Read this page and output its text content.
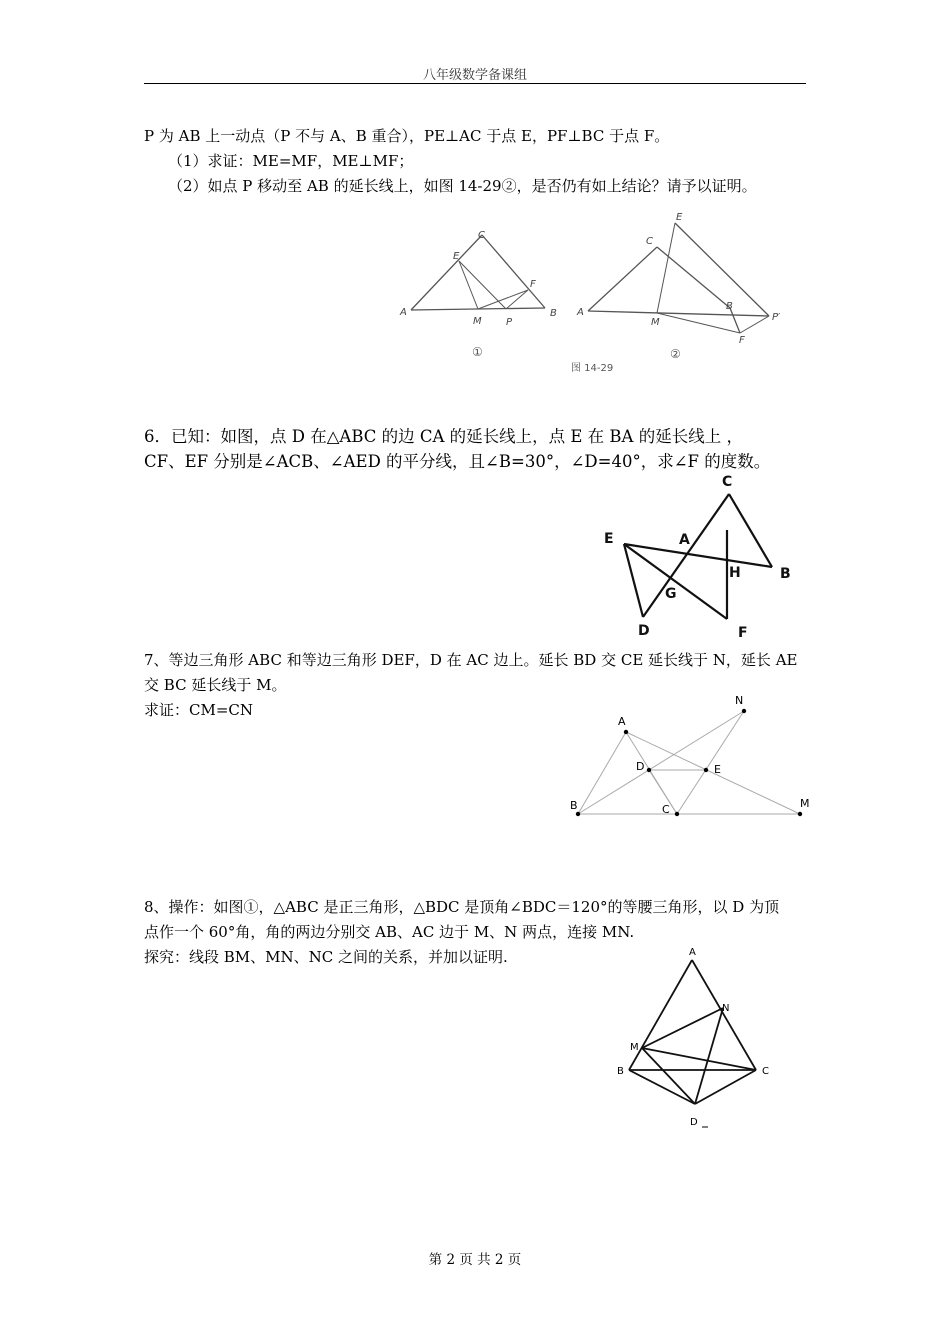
八年级数学备课组
P 为 AB 上一动点（P 不与 A、B 重合），PE⊥AC 于点 E，PF⊥BC 于点 F。
（1）求证：ME=MF，ME⊥MF；
（2）如点 P 移动至 AB 的延长线上，如图 14-29②，是否仍有如上结论？请予以证明。
A	B
C
E
F
M P
A
B
C
E
F
M	P′
①	②
图 14-29
6．已知：如图，点 D 在△ABC 的边 CA 的延长线上，点 E 在 BA 的延长线上 ，
CF、EF 分别是∠ACB、∠AED 的平分线，且∠B=30°，∠D=40°，求∠F 的度数。
A
B
C
D
E
F
G
H
7、等边三角形 ABC 和等边三角形 DEF，D 在 AC 边上。延长 BD 交 CE 延长线于 N，延长 AE
交 BC 延长线于 M。
求证：CM=CN
A
B	C
D	E
M
N
8、操作：如图①，△ABC 是正三角形，△BDC 是顶角∠BDC＝120°的等腰三角形，以 D 为顶
点作一个 60°角，角的两边分别交 AB、AC 边于 M、N 两点，连接 MN.
探究：线段 BM、MN、NC 之间的关系，并加以证明.	A
B	C
D
M
N
第 2 页 共 2 页
